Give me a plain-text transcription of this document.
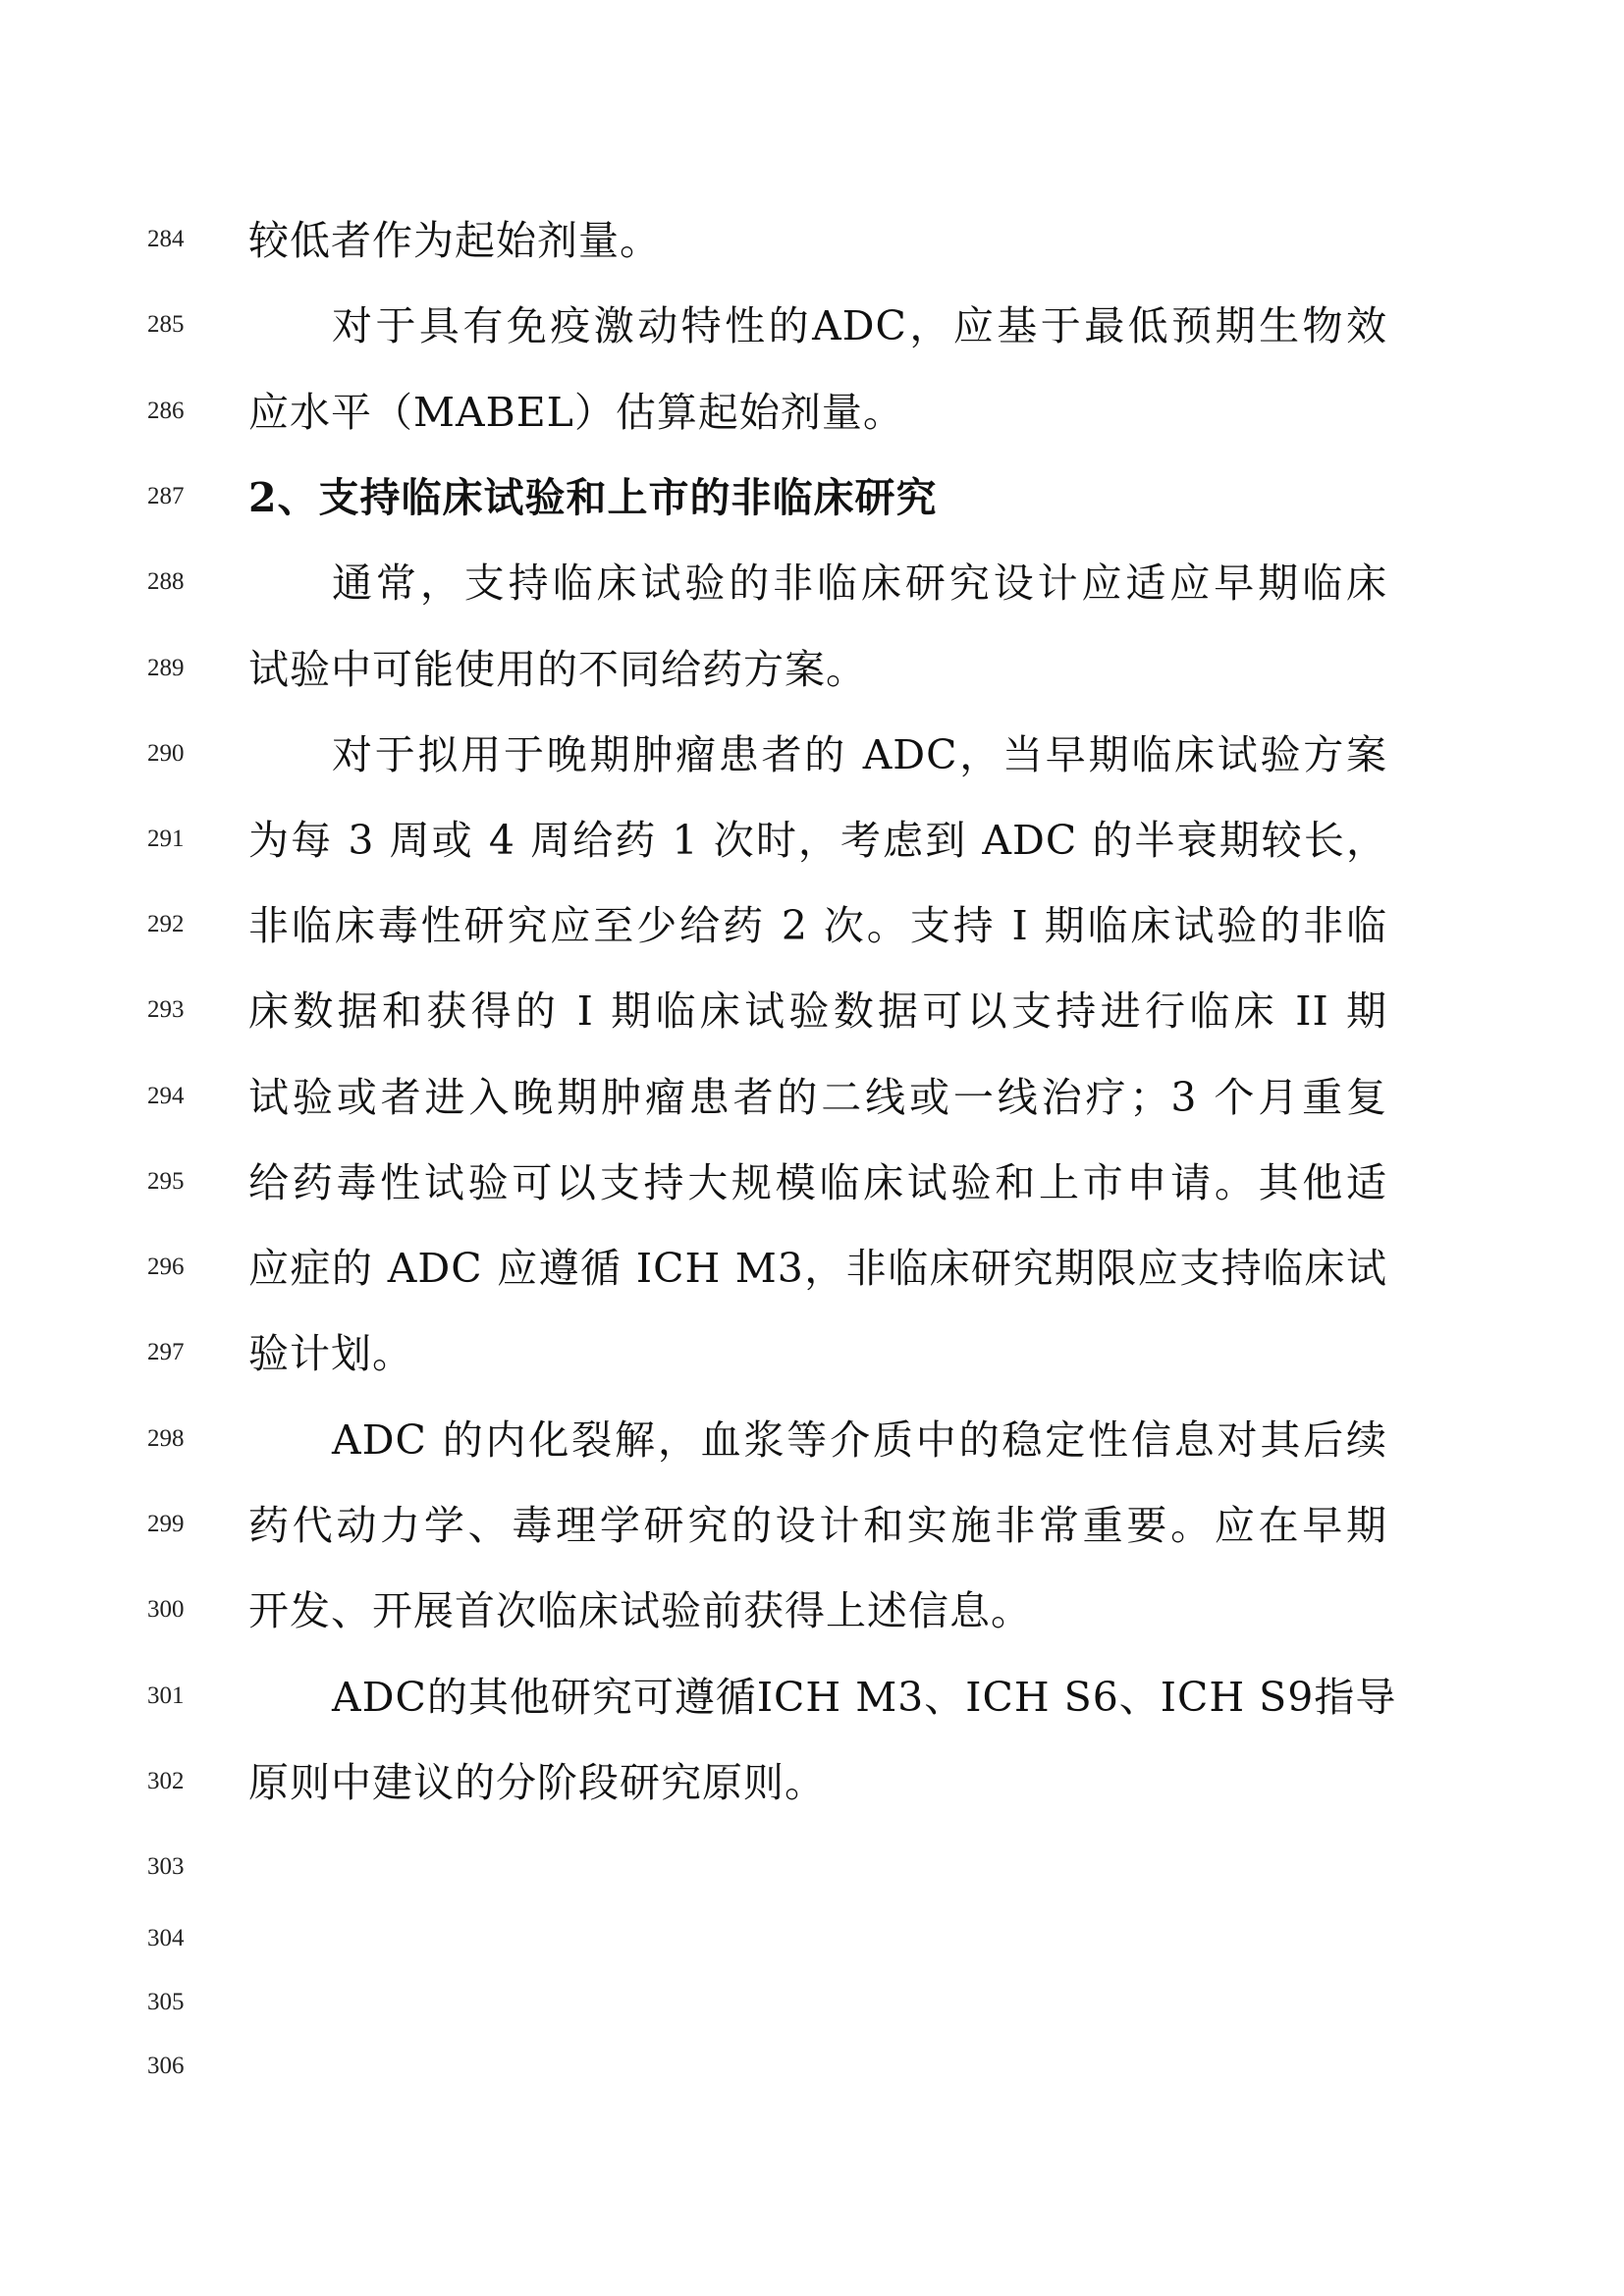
284	较低者作为起始剂量。
285	对于具有免疫激动特性的ADC，应基于最低预期生物效
286	应水平（MABEL）估算起始剂量。
287	2、支持临床试验和上市的非临床研究
288	通常，支持临床试验的非临床研究设计应适应早期临床
289	试验中可能使用的不同给药方案。
290	对于拟用于晚期肿瘤患者的 ADC，当早期临床试验方案
291	为每 3 周或 4 周给药 1 次时，考虑到 ADC 的半衰期较长，
292	非临床毒性研究应至少给药 2 次。支持 I 期临床试验的非临
293	床数据和获得的 I 期临床试验数据可以支持进行临床 II 期
294	试验或者进入晚期肿瘤患者的二线或一线治疗；3 个月重复
295	给药毒性试验可以支持大规模临床试验和上市申请。其他适
296	应症的 ADC 应遵循 ICH M3，非临床研究期限应支持临床试
297	验计划。
298	ADC 的内化裂解，血浆等介质中的稳定性信息对其后续
299	药代动力学、毒理学研究的设计和实施非常重要。应在早期
300	开发、开展首次临床试验前获得上述信息。
301	ADC的其他研究可遵循ICH M3、ICH S6、ICH S9指导
302	原则中建议的分阶段研究原则。
303
304
305
306
